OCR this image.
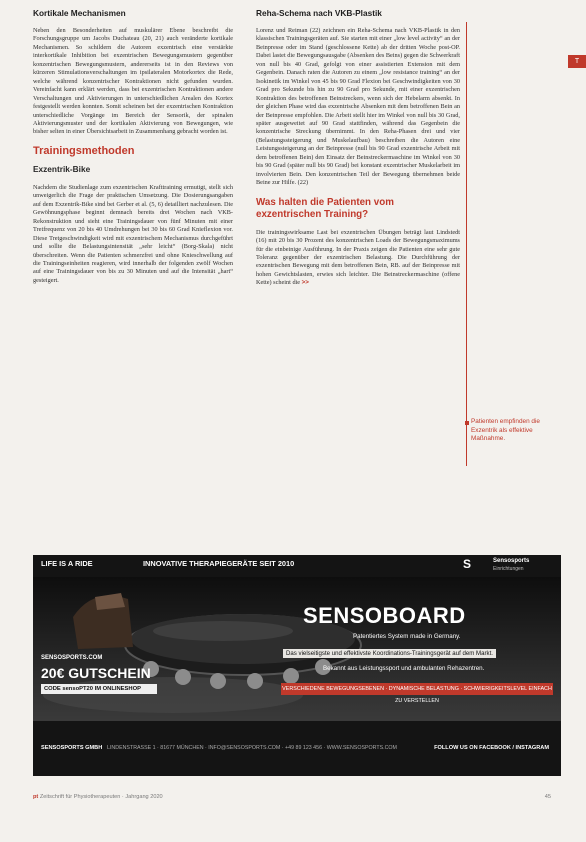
Kortikale Mechanismen

Neben den Besonderheiten auf muskulärer Ebene beschreibt die Forschungsgruppe um Jacobs Duchateau (20, 21) auch veränderte kortikale Mechanismen. So schildern die Autoren exzentrisch eine verstärkte interkortikale Inhibition bei exzentrischen Bewegungsmustern gegenüber konzentrischen Bewegungsmustern, andererseits ist in den Reviews von kürzeren Stimulationsverschaltungen im ipsilateralen Motorkortex die Rede, welche während konzentrischer Kontraktionen nicht gefunden wurden. Vereinfacht kann erklärt werden, dass bei exzentrischen Kontraktionen andere Verschaltungen und Aktivierungen in unterschiedlichen Arealen des Kortex festgestellt werden konnten. Somit scheinen bei der exzentrischen Kontraktion unterschiedliche Vorgänge im Bereich der Sensorik, der spinalen Aktivierungsmuster und der kortikalen Aktivierung von Bewegungen, wie bisher selten in einer Übersichtsarbeit in Zusammenhang gebracht worden ist.

Trainingsmethoden
Exzentrik-Bike

Nachdem die Studienlage zum exzentrischen Krafttraining ermutigt, stellt sich unweigerlich die Frage der praktischen Umsetzung. Die Dosierungsangaben auf dem Exzentrik-Bike sind bei Gerber et al. (5, 6) detailliert nachzulesen. Die Gewöhnungsphase beginnt demnach bereits drei Wochen nach VKB-Rekonstruktion und sieht eine Trainingsdauer von fünf Minuten mit einer Tretfrequenz von 20 bis 40 Umdrehungen bei 30 bis 60 Grad Knieflexion vor. Diese Tretgeschwindigkeit wird mit exzentrischem Mechanismus durchgeführt und sollte die Belastungsintensität „sehr leicht“ (Borg-Skala) nicht überschreiten. Wenn die Patienten schmerzfrei und ohne Knieschwellung auf die Trainingseinheiten reagieren, wird innerhalb der folgenden zwölf Wochen auf eine Trainingsdauer von bis zu 30 Minuten und auf die Intensität „hart“ gesteigert.

Reha-Schema nach VKB-Plastik

Lorenz und Reiman (22) zeichnen ein Reha-Schema nach VKB-Plastik in den klassischen Trainingsgeräten auf. Sie starten mit einer „low level activity“ an der Beinpresse oder im Stand (geschlossene Kette) ab der dritten Woche post-OP. Dabei lastet die Bewegungsausgabe (Absenken des Beins) gegen die Schwerkraft von null bis 40 Grad, gefolgt von einer assistierten Extension mit dem Gegenbein. Danach raten die Autoren zu einem „low resistance training“ an der Isokinetik im Winkel von 45 bis 90 Grad Flexion bei Geschwindigkeiten von 30 Grad pro Sekunde bis hin zu 90 Grad pro Sekunde, mit einer exzentrischen Kontraktion des betroffenen Beinstreckers, wenn sich der Hebelarm absenkt. In der gleichen Phase wird das exzentrische Absenken mit dem betroffenen Bein an der Beinpresse empfohlen. Die Arbeit stellt hier im Winkel von null bis 30 Grad, später ausgeweitet auf 90 Grad stattfinden, während das Gegenbein die konzentrische Streckung übernimmt. In den Reha-Phasen drei und vier (Belastungssteigerung und Muskelaufbau) beschreiben die Autoren eine Leistungssteigerung an der Beinpresse (null bis 90 Grad exzentrische Arbeit mit dem betroffenen Bein) den Einsatz der Beinstreckermaschine im Winkel von 30 bis 90 Grad (später null bis 90 Grad) bei konstant exzentrischer Muskelarbeit im involvierten Bein. Den konzentrischen Teil der Bewegung übernehmen beide Beine zur Hilfe. (22)

Was halten die Patienten vom exzentrischen Training?

Die trainingswirksame Last bei exzentrischen Übungen beträgt laut Lindstedt (16) mit 20 bis 30 Prozent des konzentrischen Loads der Bewegungsmaximums für die einbeinige Ausführung. In der Praxis zeigen die Patienten eine sehr gute Toleranz gegenüber der exzentrischen Belastung. Die Durchführung der exzentrischen Bewegung mit dem betroffenen Bein, RB. auf der Beinpresse mit hohen Gewichtslasten, erwies sich leichter. Die Beinstreckermaschine (offene Kette) scheint die >>

T
Patienten empfinden die Exzentrik als effektive Maßnahme.
LIFE IS A RIDE	INNOVATIVE THERAPIEGERÄTE SEIT 2010	S	Sensosports
Einrichtungen
SENSOBOARD
Patentiertes System made in Germany.
Das vielseitigste und effektivste Koordinations-Trainingsgerät auf dem Markt.
Bekannt aus Leistungssport und ambulanten Rehazentren.
VERSCHIEDENE BEWEGUNGSEBENEN · DYNAMISCHE BELASTUNG · SCHWIERIGKEITSLEVEL EINFACH ZU VERSTELLEN
SENSOSPORTS.COM
20€ GUTSCHEIN
CODE sensoPT20 IM ONLINESHOP
SENSOSPORTS GMBH LINDENSTRASSE 1 · 81677 MÜNCHEN · INFO@SENSOSPORTS.COM · +49 89 123 456 · WWW.SENSOSPORTS.COM	FOLLOW US ON FACEBOOK / INSTAGRAM
pt Zeitschrift für Physiotherapeuten · Jahrgang 2020	45
